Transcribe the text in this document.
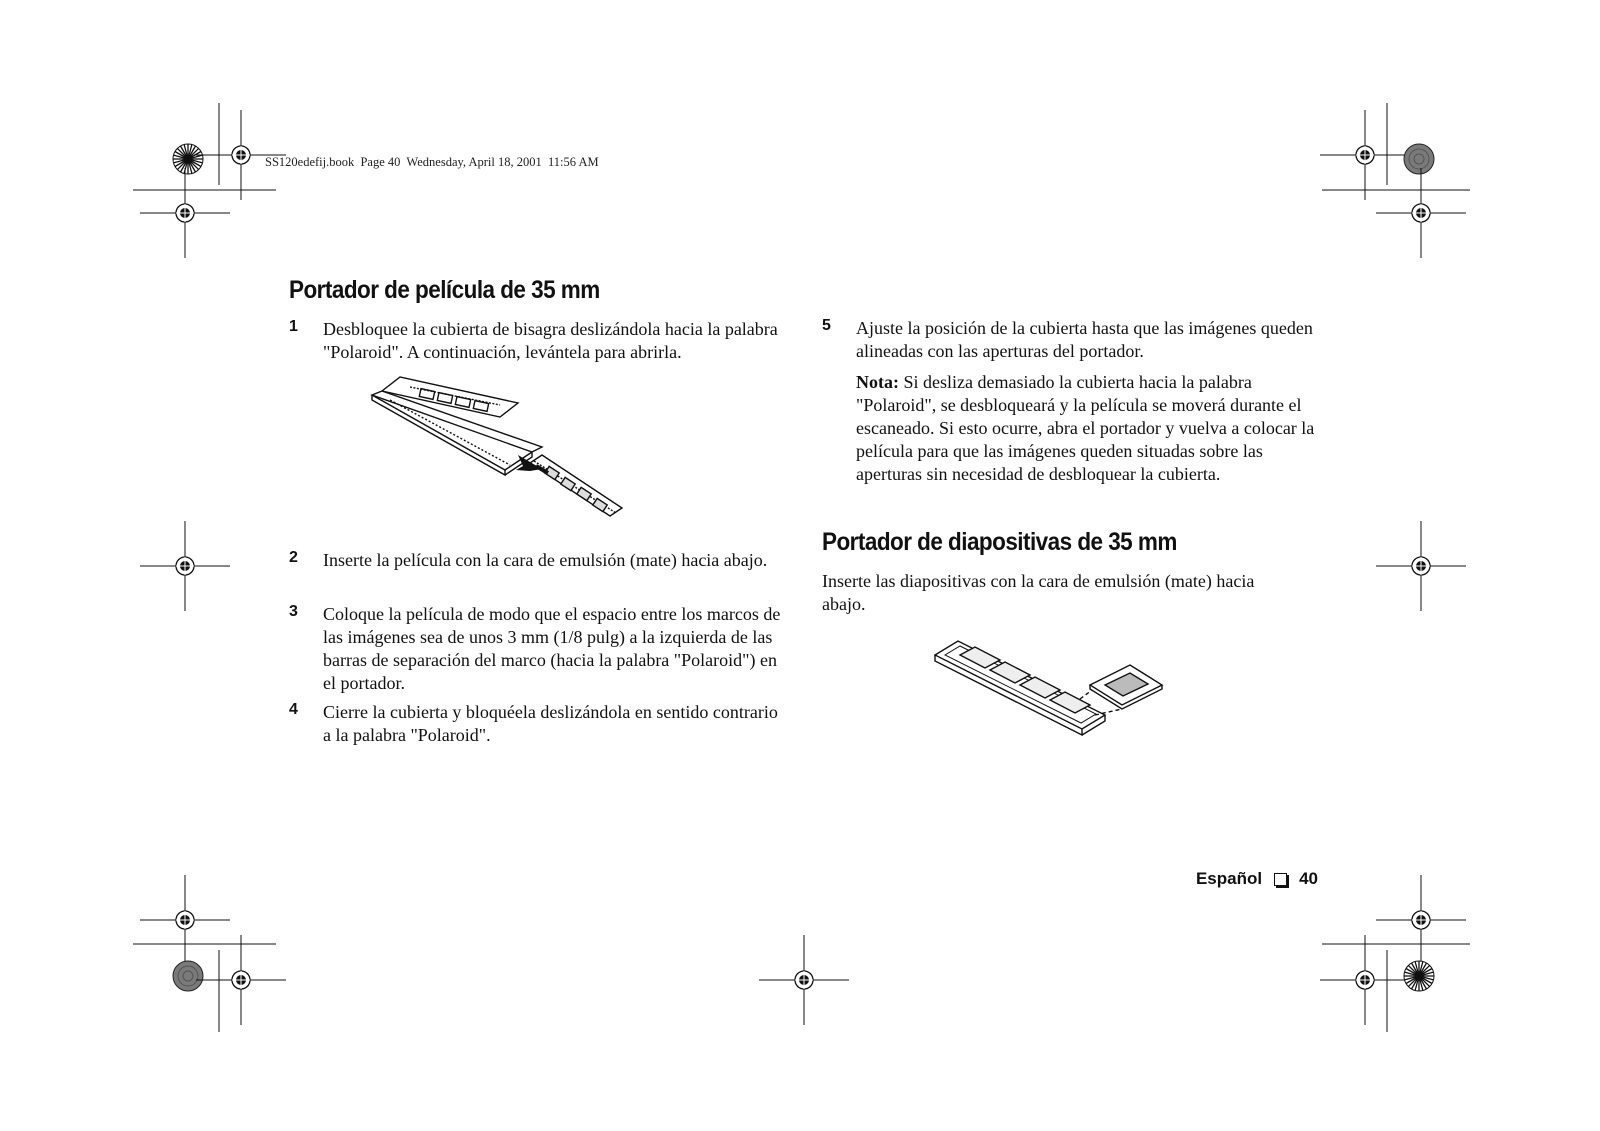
SS120edefij.book  Page 40  Wednesday, April 18, 2001  11:56 AM
Portador de película de 35 mm
1 Desbloquee la cubierta de bisagra deslizándola hacia la palabra "Polaroid". A continuación, levántela para abrirla.
2 Inserte la película con la cara de emulsión (mate) hacia abajo.
3 Coloque la película de modo que el espacio entre los marcos de las imágenes sea de unos 3 mm (1/8 pulg) a la izquierda de las barras de separación del marco (hacia la palabra "Polaroid") en el portador.
4 Cierre la cubierta y bloquéela deslizándola en sentido contrario a la palabra "Polaroid".
5 Ajuste la posición de la cubierta hasta que las imágenes queden alineadas con las aperturas del portador.
Nota: Si desliza demasiado la cubierta hacia la palabra "Polaroid", se desbloqueará y la película se moverá durante el escaneado. Si esto ocurre, abra el portador y vuelva a colocar la película para que las imágenes queden situadas sobre las aperturas sin necesidad de desbloquear la cubierta.
Portador de diapositivas de 35 mm
Inserte las diapositivas con la cara de emulsión (mate) hacia abajo.
Español 40
